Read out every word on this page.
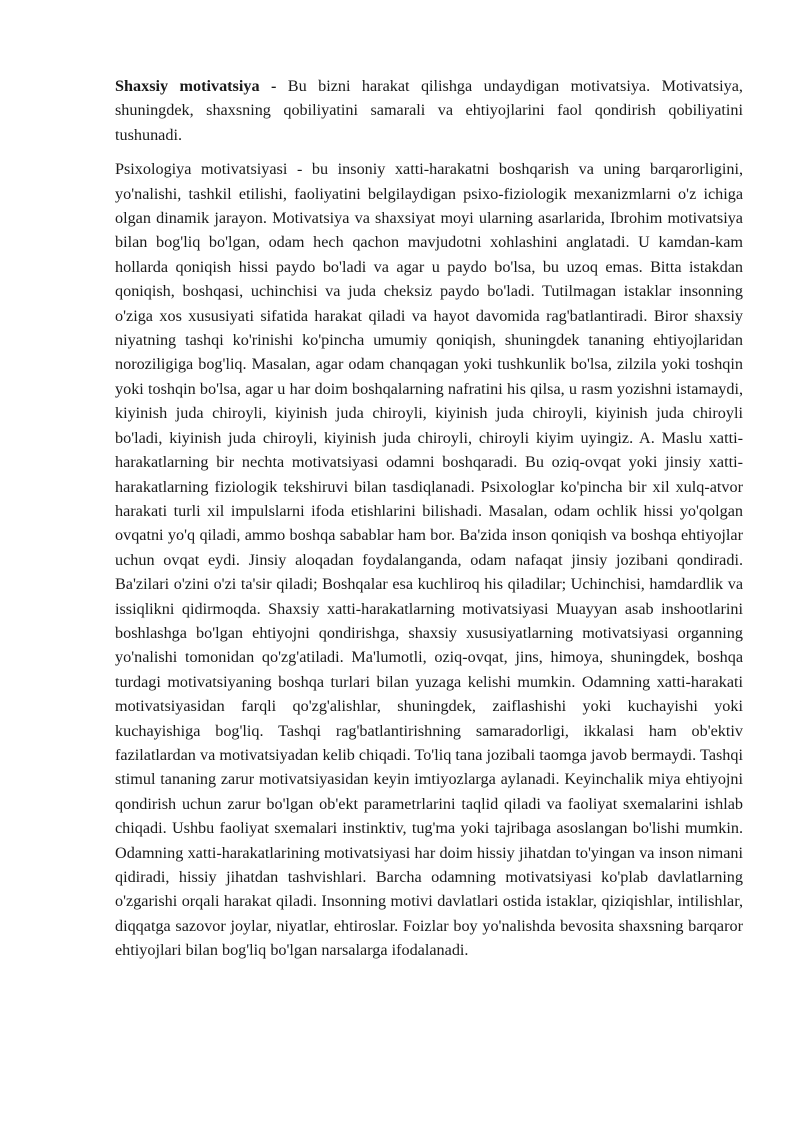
Shaxsiy motivatsiya - Bu bizni harakat qilishga undaydigan motivatsiya. Motivatsiya, shuningdek, shaxsning qobiliyatini samarali va ehtiyojlarini faol qondirish qobiliyatini tushunadi.

Psixologiya motivatsiyasi - bu insoniy xatti-harakatni boshqarish va uning barqarorligini, yo'nalishi, tashkil etilishi, faoliyatini belgilaydigan psixo-fiziologik mexanizmlarni o'z ichiga olgan dinamik jarayon. Motivatsiya va shaxsiyat moyi ularning asarlarida, Ibrohim motivatsiya bilan bog'liq bo'lgan, odam hech qachon mavjudotni xohlashini anglatadi. U kamdan-kam hollarda qoniqish hissi paydo bo'ladi va agar u paydo bo'lsa, bu uzoq emas. Bitta istakdan qoniqish, boshqasi, uchinchisi va juda cheksiz paydo bo'ladi. Tutilmagan istaklar insonning o'ziga xos xususiyati sifatida harakat qiladi va hayot davomida rag'batlantiradi. Biror shaxsiy niyatning tashqi ko'rinishi ko'pincha umumiy qoniqish, shuningdek tananing ehtiyojlaridan noroziligiga bog'liq. Masalan, agar odam chanqagan yoki tushkunlik bo'lsa, zilzila yoki toshqin yoki toshqin bo'lsa, agar u har doim boshqalarning nafratini his qilsa, u rasm yozishni istamaydi, kiyinish juda chiroyli, kiyinish juda chiroyli, kiyinish juda chiroyli, kiyinish juda chiroyli bo'ladi, kiyinish juda chiroyli, kiyinish juda chiroyli, chiroyli kiyim uyingiz. A. Maslu xatti-harakatlarning bir nechta motivatsiyasi odamni boshqaradi. Bu oziq-ovqat yoki jinsiy xatti-harakatlarning fiziologik tekshiruvi bilan tasdiqlanadi. Psixologlar ko'pincha bir xil xulq-atvor harakati turli xil impulslarni ifoda etishlarini bilishadi. Masalan, odam ochlik hissi yo'qolgan ovqatni yo'q qiladi, ammo boshqa sabablar ham bor. Ba'zida inson qoniqish va boshqa ehtiyojlar uchun ovqat eydi. Jinsiy aloqadan foydalanganda, odam nafaqat jinsiy jozibani qondiradi. Ba'zilari o'zini o'zi ta'sir qiladi; Boshqalar esa kuchliroq his qiladilar; Uchinchisi, hamdardlik va issiqlikni qidirmoqda. Shaxsiy xatti-harakatlarning motivatsiyasi Muayyan asab inshootlarini boshlashga bo'lgan ehtiyojni qondirishga, shaxsiy xususiyatlarning motivatsiyasi organning yo'nalishi tomonidan qo'zg'atiladi. Ma'lumotli, oziq-ovqat, jins, himoya, shuningdek, boshqa turdagi motivatsiyaning boshqa turlari bilan yuzaga kelishi mumkin. Odamning xatti-harakati motivatsiyasidan farqli qo'zg'alishlar, shuningdek, zaiflashishi yoki kuchayishi yoki kuchayishiga bog'liq. Tashqi rag'batlantirishning samaradorligi, ikkalasi ham ob'ektiv fazilatlardan va motivatsiyadan kelib chiqadi. To'liq tana jozibali taomga javob bermaydi. Tashqi stimul tananing zarur motivatsiyasidan keyin imtiyozlarga aylanadi. Keyinchalik miya ehtiyojni qondirish uchun zarur bo'lgan ob'ekt parametrlarini taqlid qiladi va faoliyat sxemalarini ishlab chiqadi. Ushbu faoliyat sxemalari instinktiv, tug'ma yoki tajribaga asoslangan bo'lishi mumkin. Odamning xatti-harakatlarining motivatsiyasi har doim hissiy jihatdan to'yingan va inson nimani qidiradi, hissiy jihatdan tashvishlari. Barcha odamning motivatsiyasi ko'plab davlatlarning o'zgarishi orqali harakat qiladi. Insonning motivi davlatlari ostida istaklar, qiziqishlar, intilishlar, diqqatga sazovor joylar, niyatlar, ehtiroslar. Foizlar boy yo'nalishda bevosita shaxsning barqaror ehtiyojlari bilan bog'liq bo'lgan narsalarga ifodalanadi.
